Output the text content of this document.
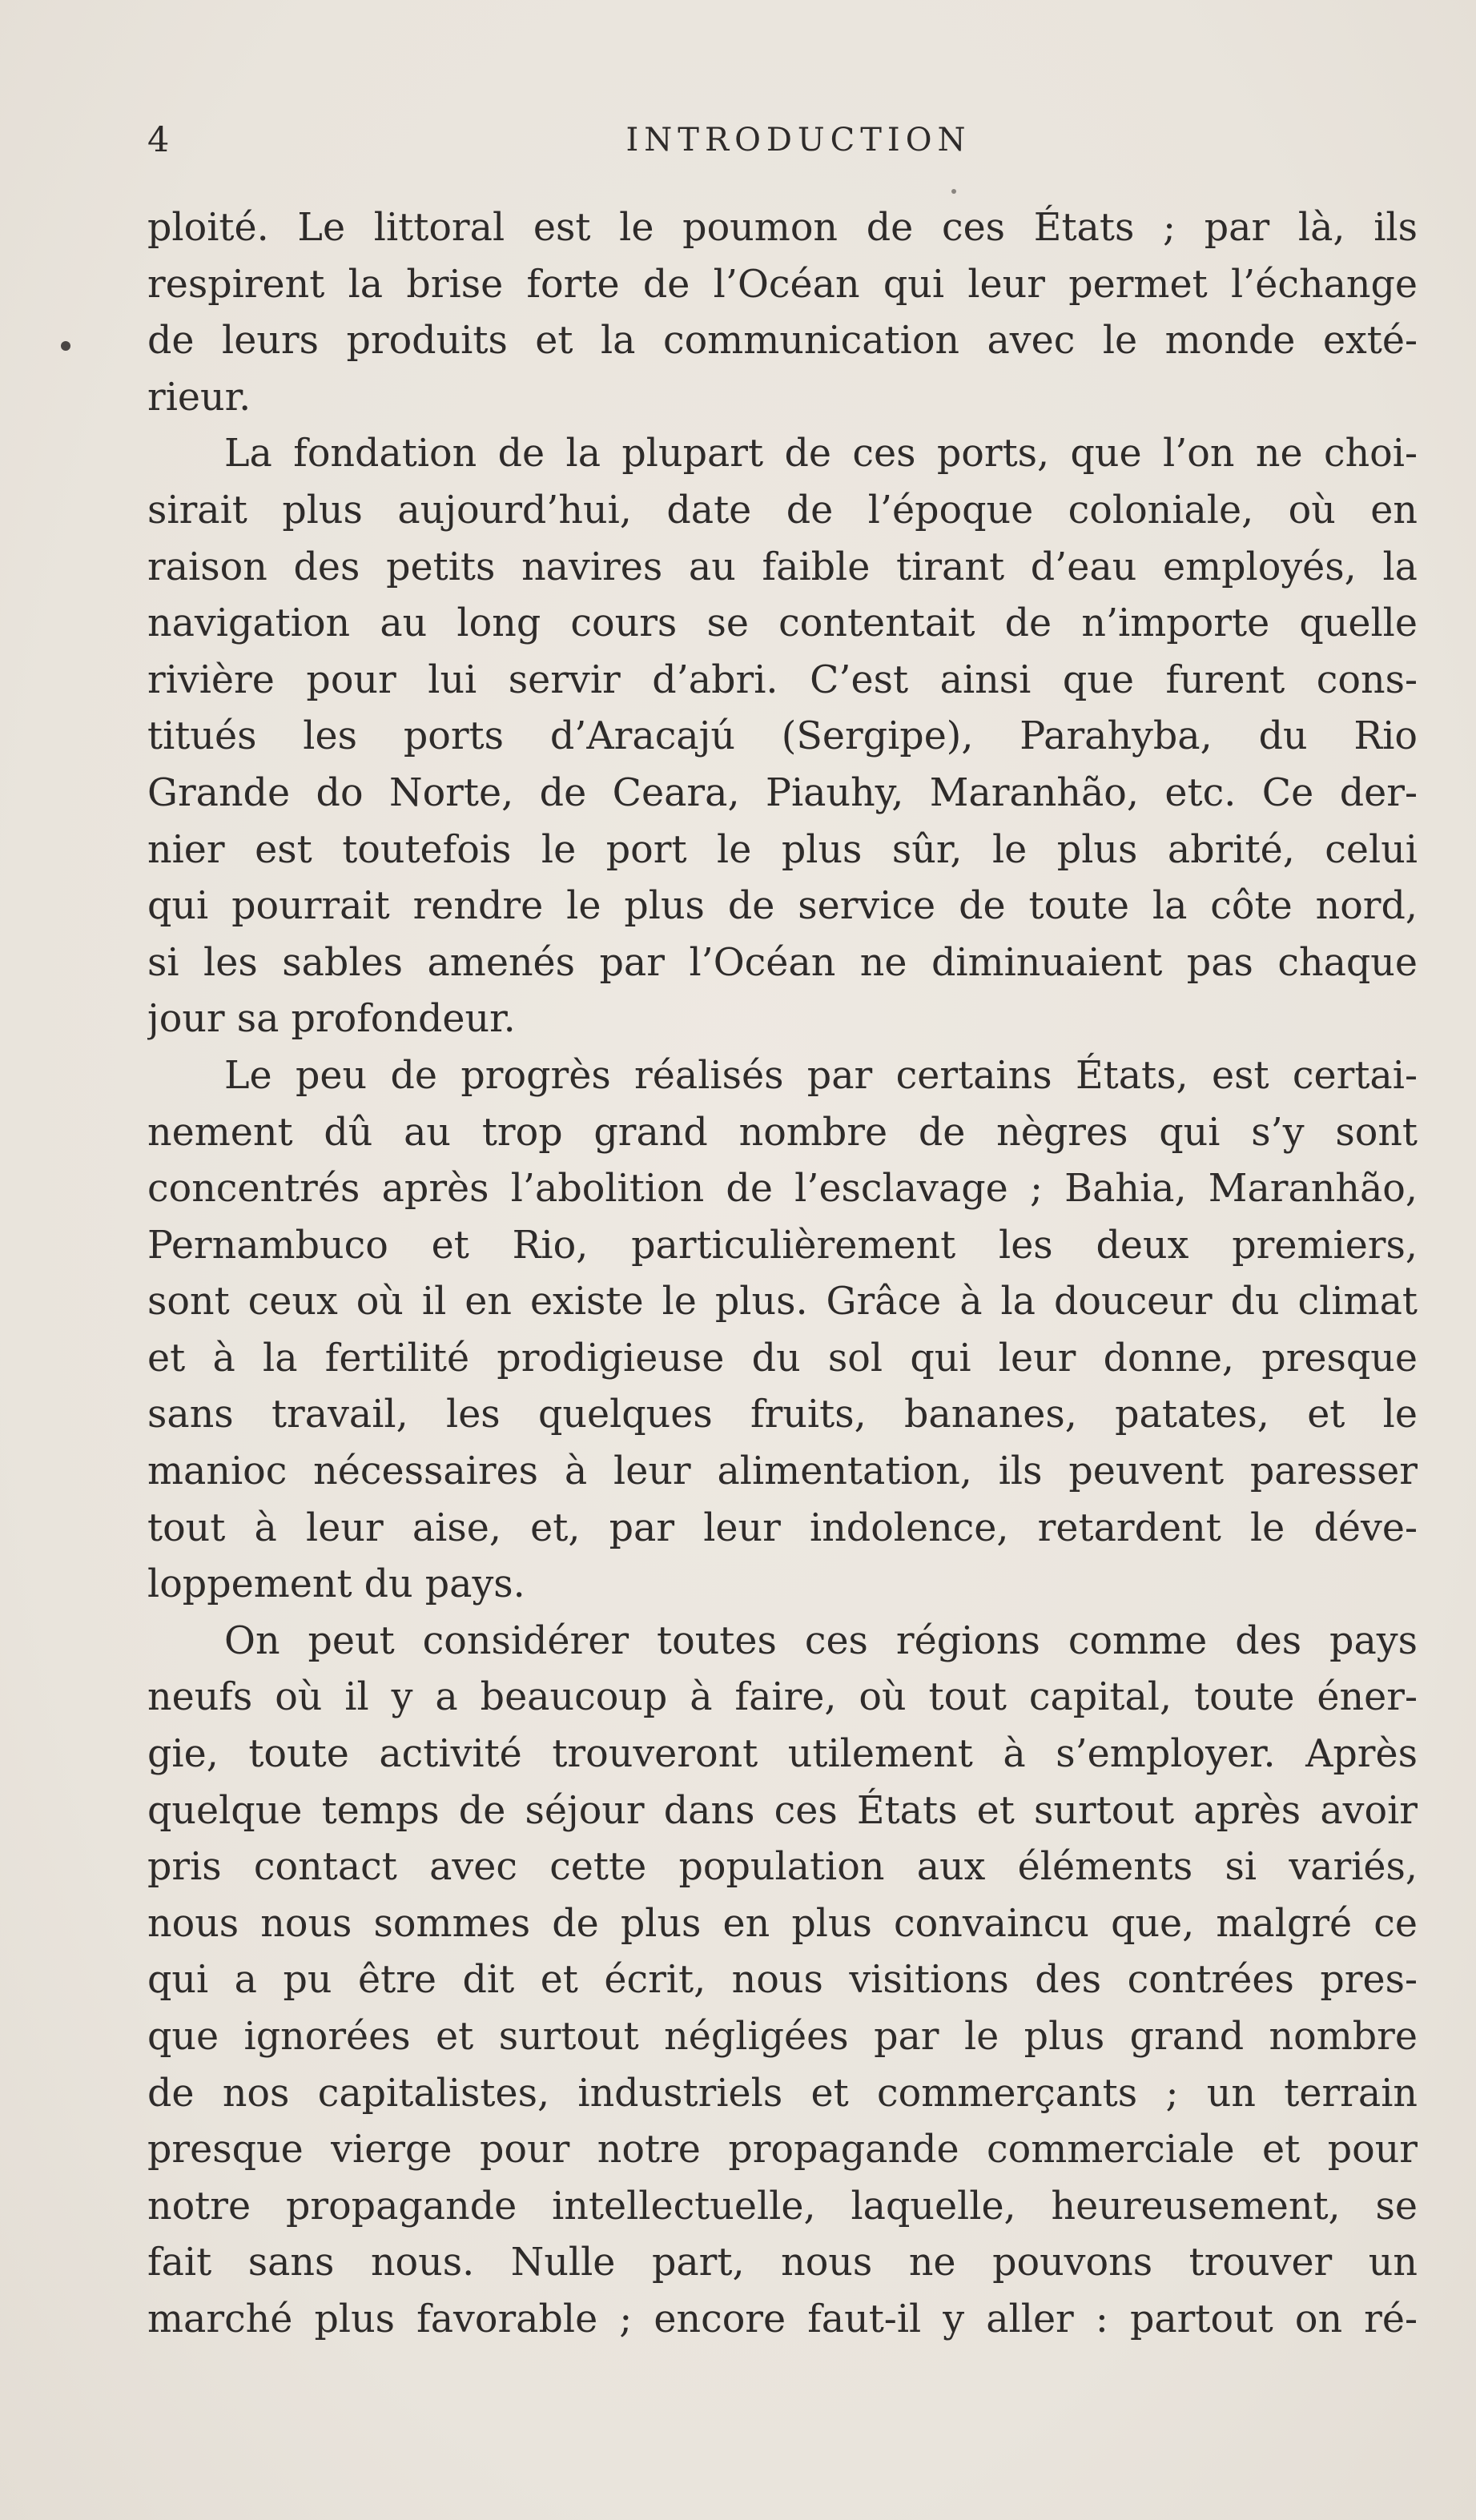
4	INTRODUCTION
ploité. Le littoral est le poumon de ces États ; par là, ils
respirent la brise forte de l’Océan qui leur permet l’échange
de leurs produits et la communication avec le monde exté-
rieur.
La fondation de la plupart de ces ports, que l’on ne choi-
sirait plus aujourd’hui, date de l’époque coloniale, où en
raison des petits navires au faible tirant d’eau employés, la
navigation au long cours se contentait de n’importe quelle
rivière pour lui servir d’abri. C’est ainsi que furent cons-
titués les ports d’Aracajú (Sergipe), Parahyba, du Rio
Grande do Norte, de Ceara, Piauhy, Maranhão, etc. Ce der-
nier est toutefois le port le plus sûr, le plus abrité, celui
qui pourrait rendre le plus de service de toute la côte nord,
si les sables amenés par l’Océan ne diminuaient pas chaque
jour sa profondeur.
Le peu de progrès réalisés par certains États, est certai-
nement dû au trop grand nombre de nègres qui s’y sont
concentrés après l’abolition de l’esclavage ; Bahia, Maranhão,
Pernambuco et Rio, particulièrement les deux premiers,
sont ceux où il en existe le plus. Grâce à la douceur du climat
et à la fertilité prodigieuse du sol qui leur donne, presque
sans travail, les quelques fruits, bananes, patates, et le
manioc nécessaires à leur alimentation, ils peuvent paresser
tout à leur aise, et, par leur indolence, retardent le déve-
loppement du pays.
On peut considérer toutes ces régions comme des pays
neufs où il y a beaucoup à faire, où tout capital, toute éner-
gie, toute activité trouveront utilement à s’employer. Après
quelque temps de séjour dans ces États et surtout après avoir
pris contact avec cette population aux éléments si variés,
nous nous sommes de plus en plus convaincu que, malgré ce
qui a pu être dit et écrit, nous visitions des contrées pres-
que ignorées et surtout négligées par le plus grand nombre
de nos capitalistes, industriels et commerçants ; un terrain
presque vierge pour notre propagande commerciale et pour
notre propagande intellectuelle, laquelle, heureusement, se
fait sans nous. Nulle part, nous ne pouvons trouver un
marché plus favorable ; encore faut-il y aller : partout on ré-
